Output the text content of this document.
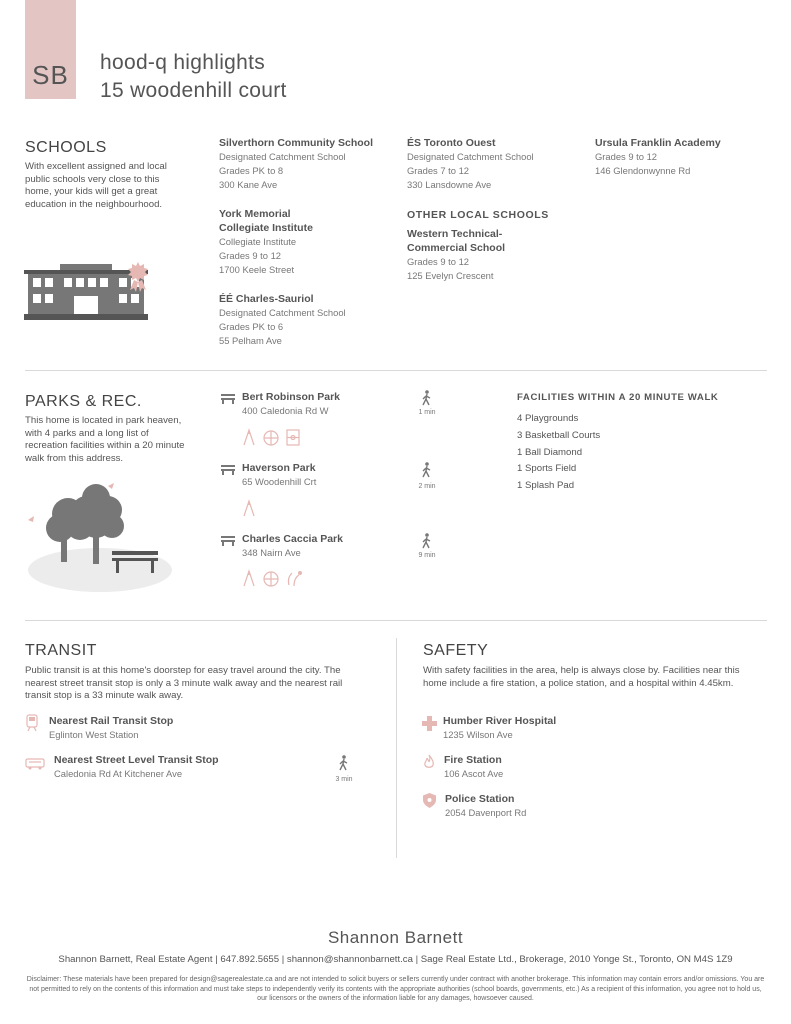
SB	hood-q highlights
15 woodenhill court
SCHOOLS
With excellent assigned and local public schools very close to this home, your kids will get a great education in the neighbourhood.
Silverthorn Community School
Designated Catchment School
Grades PK to 8
300 Kane Ave
York Memorial Collegiate Institute
Collegiate Institute
Grades 9 to 12
1700 Keele Street
ÉÉ Charles-Sauriol
Designated Catchment School
Grades PK to 6
55 Pelham Ave
ÉS Toronto Ouest
Designated Catchment School
Grades 7 to 12
330 Lansdowne Ave
OTHER LOCAL SCHOOLS
Western Technical-Commercial School
Grades 9 to 12
125 Evelyn Crescent
Ursula Franklin Academy
Grades 9 to 12
146 Glendonwynne Rd
PARKS & REC.
This home is located in park heaven, with 4 parks and a long list of recreation facilities within a 20 minute walk from this address.
Bert Robinson Park
400 Caledonia Rd W	1 min
Haverson Park
65 Woodenhill Crt	2 min
Charles Caccia Park
348 Nairn Ave	9 min
FACILITIES WITHIN A 20 MINUTE WALK
4 Playgrounds
3 Basketball Courts
1 Ball Diamond
1 Sports Field
1 Splash Pad
TRANSIT
Public transit is at this home's doorstep for easy travel around the city. The nearest street transit stop is only a 3 minute walk away and the nearest rail transit stop is a 33 minute walk away.
Nearest Rail Transit Stop
Eglinton West Station
Nearest Street Level Transit Stop
Caledonia Rd At Kitchener Ave
3 min
SAFETY
With safety facilities in the area, help is always close by. Facilities near this home include a fire station, a police station, and a hospital within 4.45km.
Humber River Hospital
1235 Wilson Ave
Fire Station
106 Ascot Ave
Police Station
2054 Davenport Rd
Shannon Barnett
Shannon Barnett, Real Estate Agent | 647.892.5655 | shannon@shannonbarnett.ca | Sage Real Estate Ltd., Brokerage, 2010 Yonge St., Toronto, ON M4S 1Z9
Disclaimer: These materials have been prepared for design@sagerealestate.ca and are not intended to solicit buyers or sellers currently under contract with another brokerage. This information may contain errors and/or omissions. You are not permitted to rely on the contents of this information and must take steps to independently verify its contents with the appropriate authorities (school boards, governments, etc.) As a recipient of this information, you agree not to hold us, our licensors or the owners of the information liable for any damages, howsoever caused.
